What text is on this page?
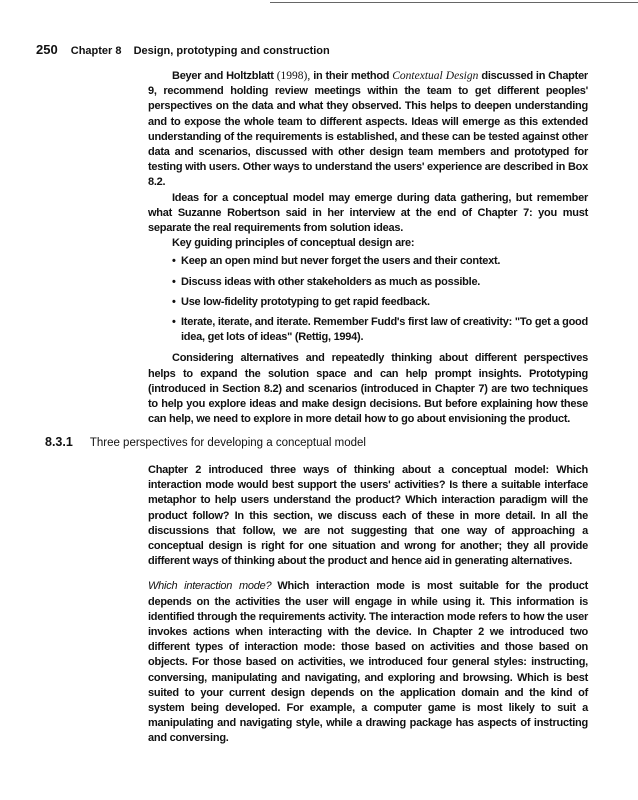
250 Chapter 8 Design, prototyping and construction

Beyer and Holtzblatt (1998), in their method Contextual Design discussed in Chapter 9, recommend holding review meetings within the team to get different peoples' perspectives on the data and what they observed. This helps to deepen understanding and to expose the whole team to different aspects. Ideas will emerge as this extended understanding of the requirements is established, and these can be tested against other data and scenarios, discussed with other design team members and prototyped for testing with users. Other ways to understand the users' experience are described in Box 8.2.

Ideas for a conceptual model may emerge during data gathering, but remember what Suzanne Robertson said in her interview at the end of Chapter 7: you must separate the real requirements from solution ideas.

Key guiding principles of conceptual design are:

• Keep an open mind but never forget the users and their context.
• Discuss ideas with other stakeholders as much as possible.
• Use low-fidelity prototyping to get rapid feedback.
• Iterate, iterate, and iterate. Remember Fudd's first law of creativity: "To get a good idea, get lots of ideas" (Rettig, 1994).

Considering alternatives and repeatedly thinking about different perspectives helps to expand the solution space and can help prompt insights. Prototyping (introduced in Section 8.2) and scenarios (introduced in Chapter 7) are two techniques to help you explore ideas and make design decisions. But before explaining how these can help, we need to explore in more detail how to go about envisioning the product.

8.3.1 Three perspectives for developing a conceptual model

Chapter 2 introduced three ways of thinking about a conceptual model: Which interaction mode would best support the users' activities? Is there a suitable interface metaphor to help users understand the product? Which interaction paradigm will the product follow? In this section, we discuss each of these in more detail. In all the discussions that follow, we are not suggesting that one way of approaching a conceptual design is right for one situation and wrong for another; they all provide different ways of thinking about the product and hence aid in generating alternatives.

Which interaction mode? Which interaction mode is most suitable for the product depends on the activities the user will engage in while using it. This information is identified through the requirements activity. The interaction mode refers to how the user invokes actions when interacting with the device. In Chapter 2 we introduced two different types of interaction mode: those based on activities and those based on objects. For those based on activities, we introduced four general styles: instructing, conversing, manipulating and navigating, and exploring and browsing. Which is best suited to your current design depends on the application domain and the kind of system being developed. For example, a computer game is most likely to suit a manipulating and navigating style, while a drawing package has aspects of instructing and conversing.
